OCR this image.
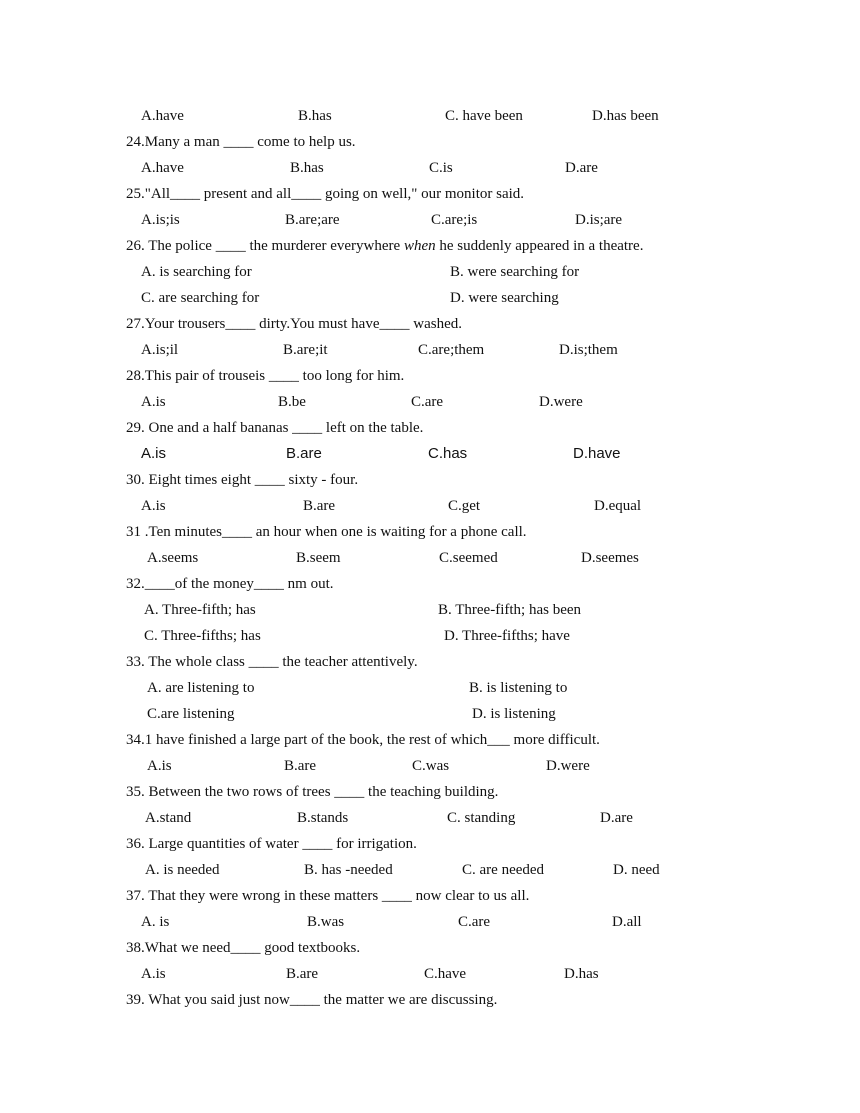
A.have	B.has	C. have been	D.has been
24.Many a man ____ come to help us.
A.have	B.has	C.is	D.are
25."All____ present and all____ going on well," our monitor said.
A.is;is	B.are;are	C.are;is	D.is;are
26. The police ____ the murderer everywhere when he suddenly appeared in a theatre.
A. is searching for	B. were searching for
C. are searching for	D. were searching
27.Your trousers____ dirty.You must have____ washed.
A.is;il	B.are;it	C.are;them	D.is;them
28.This pair of trouseis ____ too long for him.
A.is	B.be	C.are	D.were
29. One and a half bananas ____ left on the table.
A.is	B.are	C.has	D.have
30. Eight times eight ____ sixty - four.
A.is	B.are	C.get	D.equal
31 .Ten minutes____ an hour when one is waiting for a phone call.
A.seems	B.seem	C.seemed	D.seemes
32.____of the money____ nm out.
A. Three-fifth; has	B. Three-fifth; has been
C. Three-fifths; has	D. Three-fifths; have
33. The whole class ____ the teacher attentively.
A. are listening to	B. is listening to
C.are listening	D. is listening
34.1 have finished a large part of the book, the rest of which___ more difficult.
A.is	B.are	C.was	D.were
35. Between the two rows of trees ____ the teaching building.
A.stand	B.stands	C. standing	D.are
36. Large quantities of water ____ for irrigation.
A. is needed	B. has -needed	C. are needed	D. need
37. That they were wrong in these matters ____ now clear to us all.
A. is	B.was	C.are	D.all
38.What we need____ good textbooks.
A.is	B.are	C.have	D.has
39. What you said just now____ the matter we are discussing.
